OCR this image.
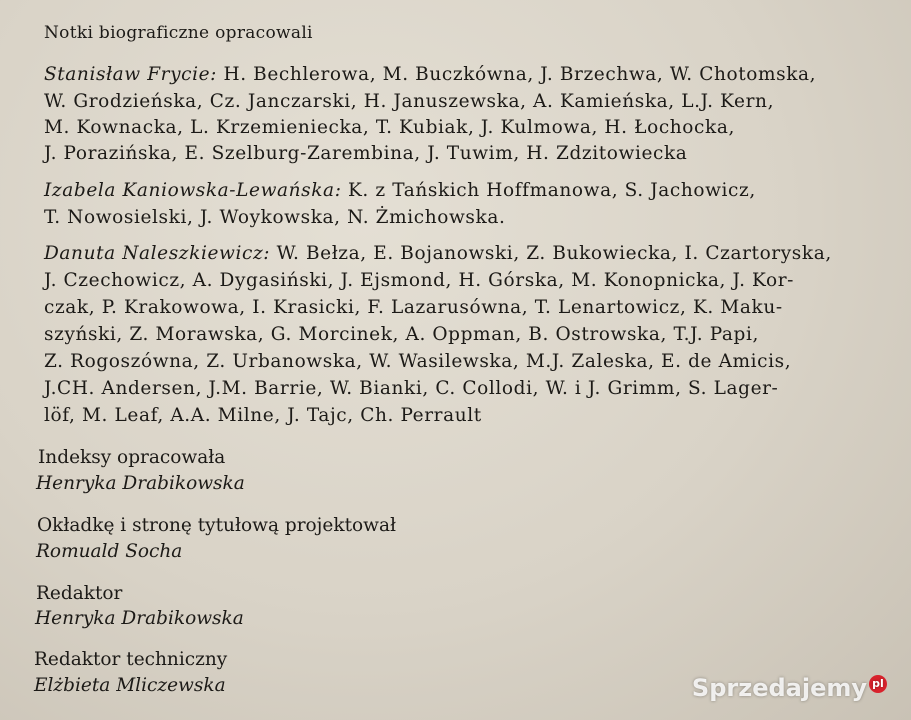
Notki biograficzne opracowali
Stanisław Frycie: H. Bechlerowa, M. Buczkówna, J. Brzechwa, W. Chotomska,
W. Grodzieńska, Cz. Janczarski, H. Januszewska, A. Kamieńska, L.J. Kern,
M. Kownacka, L. Krzemieniecka, T. Kubiak, J. Kulmowa, H. Łochocka,
J. Porazińska, E. Szelburg-Zarembina, J. Tuwim, H. Zdzitowiecka
Izabela Kaniowska-Lewańska: K. z Tańskich Hoffmanowa, S. Jachowicz,
T. Nowosielski, J. Woykowska, N. Żmichowska.
Danuta Naleszkiewicz: W. Bełza, E. Bojanowski, Z. Bukowiecka, I. Czartoryska,
J. Czechowicz, A. Dygasiński, J. Ejsmond, H. Górska, M. Konopnicka, J. Kor-
czak, P. Krakowowa, I. Krasicki, F. Lazarusówna, T. Lenartowicz, K. Maku-
szyński, Z. Morawska, G. Morcinek, A. Oppman, B. Ostrowska, T.J. Papi,
Z. Rogoszówna, Z. Urbanowska, W. Wasilewska, M.J. Zaleska, E. de Amicis,
J.CH. Andersen, J.M. Barrie, W. Bianki, C. Collodi, W. i J. Grimm, S. Lager-
löf, M. Leaf, A.A. Milne, J. Tajc, Ch. Perrault
Indeksy opracowała
Henryka Drabikowska
Okładkę i stronę tytułową projektował
Romuald Socha
Redaktor
Henryka Drabikowska
Redaktor techniczny
Elżbieta Mliczewska	Sprzedajemy pl
